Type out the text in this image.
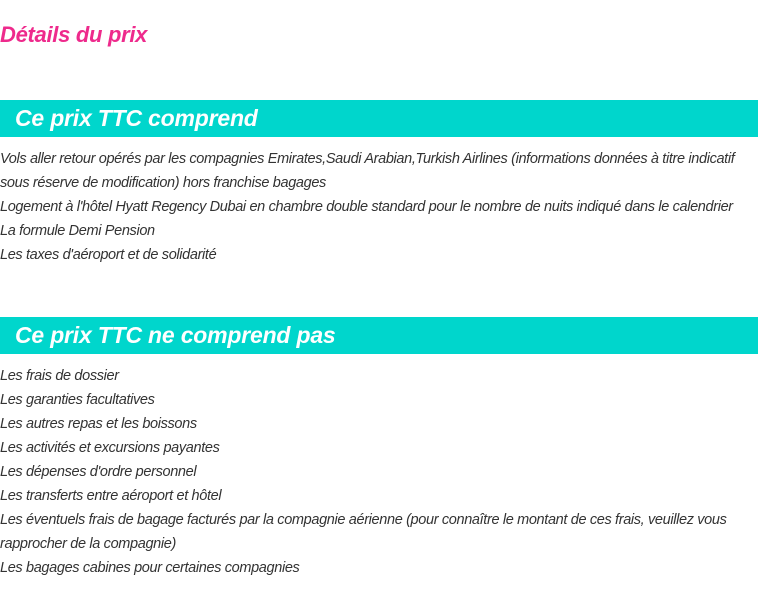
Détails du prix
Ce prix TTC comprend
Vols aller retour opérés par les compagnies Emirates,Saudi Arabian,Turkish Airlines (informations données à titre indicatif sous réserve de modification) hors franchise bagages
Logement à l'hôtel Hyatt Regency Dubai en chambre double standard pour le nombre de nuits indiqué dans le calendrier
La formule Demi Pension
Les taxes d'aéroport et de solidarité
Ce prix TTC ne comprend pas
Les frais de dossier
Les garanties facultatives
Les autres repas et les boissons
Les activités et excursions payantes
Les dépenses d'ordre personnel
Les transferts entre aéroport et hôtel
Les éventuels frais de bagage facturés par la compagnie aérienne (pour connaître le montant de ces frais, veuillez vous rapprocher de la compagnie)
Les bagages cabines pour certaines compagnies
